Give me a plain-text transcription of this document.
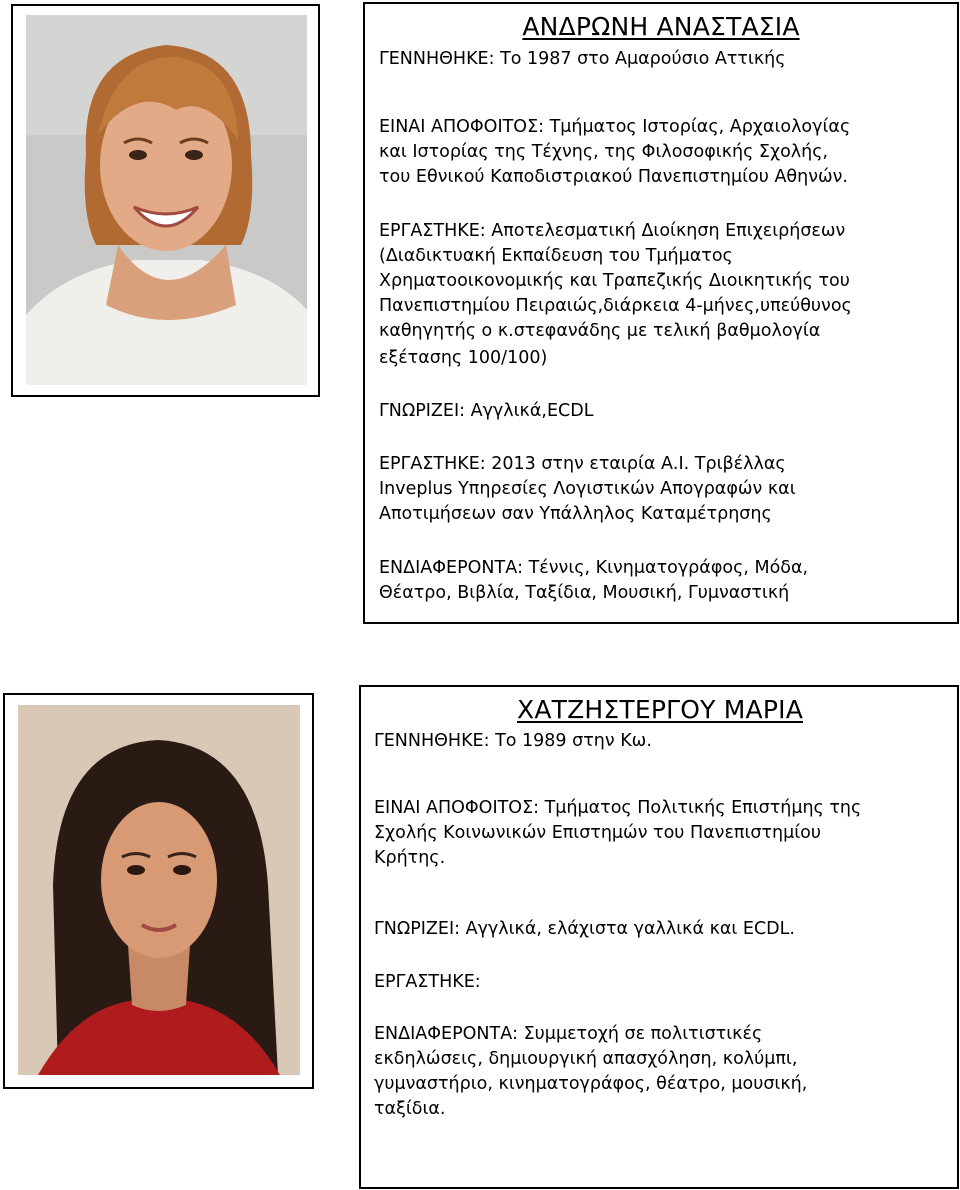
ΑΝΔΡΩΝΗ ΑΝΑΣΤΑΣΙΑ
ΓΕΝΝΗΘΗΚΕ: Το 1987 στο Αμαρούσιο Αττικής
ΕΙΝΑΙ ΑΠΟΦΟΙΤΟΣ: Τμήματος Ιστορίας, Αρχαιολογίας
και Ιστορίας της Τέχνης, της Φιλοσοφικής Σχολής,
του Εθνικού Καποδιστριακού Πανεπιστημίου Αθηνών.
ΕΡΓΑΣΤΗΚΕ: Αποτελεσματική Διοίκηση Επιχειρήσεων
(Διαδικτυακή Εκπαίδευση του Τμήματος
Χρηματοοικονομικής και Τραπεζικής Διοικητικής του
Πανεπιστημίου Πειραιώς,διάρκεια 4-μήνες,υπεύθυνος
καθηγητής ο κ.στεφανάδης με τελική βαθμολογία
εξέτασης 100/100)
ΓΝΩΡΙΖΕΙ: Αγγλικά,ECDL
ΕΡΓΑΣΤΗΚΕ: 2013 στην εταιρία Α.Ι. Τριβέλλας
Inveplus Υπηρεσίες Λογιστικών Απογραφών και
Αποτιμήσεων σαν Υπάλληλος Καταμέτρησης
ΕΝΔΙΑΦΕΡΟΝΤΑ: Τέννις, Κινηματογράφος, Μόδα,
Θέατρο, Βιβλία, Ταξίδια, Μουσική, Γυμναστική
ΧΑΤΖΗΣΤΕΡΓΟΥ ΜΑΡΙΑ
ΓΕΝΝΗΘΗΚΕ: Το 1989 στην Κω.
ΕΙΝΑΙ ΑΠΟΦΟΙΤΟΣ: Τμήματος Πολιτικής Επιστήμης της
Σχολής Κοινωνικών Επιστημών του Πανεπιστημίου
Κρήτης.
ΓΝΩΡΙΖΕΙ: Αγγλικά, ελάχιστα γαλλικά και ECDL.
ΕΡΓΑΣΤΗΚΕ:
ΕΝΔΙΑΦΕΡΟΝΤΑ: Συμμετοχή σε πολιτιστικές
εκδηλώσεις, δημιουργική απασχόληση, κολύμπι,
γυμναστήριο, κινηματογράφος, θέατρο, μουσική,
ταξίδια.
